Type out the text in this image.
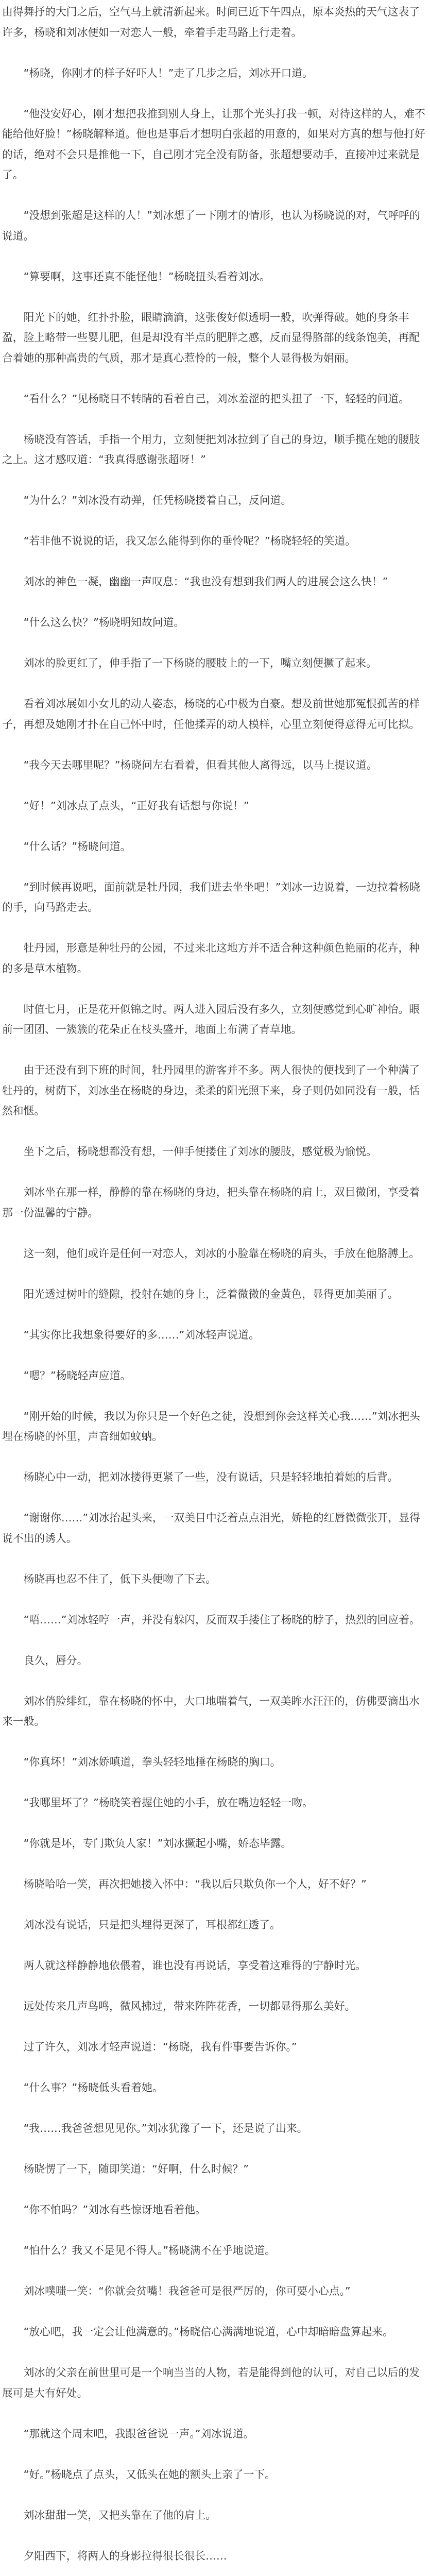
由得舞抒的大门之后，空气马上就清新起来。时间已近下午四点，原本炎热的天气这表了许多，杨晓和刘冰便如一对恋人一般，牵着手走马路上行走着。

“杨晓，你刚才的样子好吓人！”走了几步之后，刘冰开口道。

“他没安好心，刚才想把我推到别人身上，让那个光头打我一顿，对待这样的人，难不能给他好脸！”杨晓解释道。他也是事后才想明白张超的用意的，如果对方真的想与他打好的话，绝对不会只是推他一下，自己刚才完全没有防备，张超想要动手，直接冲过来就是了。

“没想到张超是这样的人！”刘冰想了一下刚才的情形，也认为杨晓说的对，气呼呼的说道。

“算要啊，这事还真不能怪他！”杨晓扭头看着刘冰。

阳光下的她，红扑扑脸，眼睛滴滴，这张俊好似透明一般，吹弹得破。她的身条丰盈，脸上略带一些婴儿肥，但是却没有半点的肥胖之感，反而显得胳部的线条饱美，再配合着她的那种高贵的气质，那才是真心惹怜的一般，整个人显得极为娟丽。

“看什么？”见杨晓目不转睛的看着自己，刘冰羞涩的把头扭了一下，轻轻的问道。

杨晓没有答话，手指一个用力，立刻便把刘冰拉到了自己的身边，顺手揽在她的腰肢之上。这才感叹道：“我真得感谢张超呀！”

“为什么？”刘冰没有动弹，任凭杨晓搂着自己，反问道。

“若非他不说说的话，我又怎么能得到你的垂怜呢？”杨晓轻轻的笑道。

刘冰的神色一凝，幽幽一声叹息：“我也没有想到我们两人的进展会这么快！”

“什么这么快？”杨晓明知故问道。

刘冰的脸更红了，伸手指了一下杨晓的腰肢上的一下，嘴立刻便撅了起来。

看着刘冰展如小女儿的动人姿态，杨晓的心中极为自豪。想及前世她那冤恨孤苦的样子，再想及她刚才扑在自己怀中时，任他揉弄的动人模样，心里立刻便得意得无可比拟。

“我今天去哪里呢？”杨晓问左右看着，但看其他人离得远，以马上提议道。

“好！”刘冰点了点头，“正好我有话想与你说！”

“什么话？”杨晓问道。

“到时候再说吧，面前就是牡丹园，我们进去坐坐吧！”刘冰一边说着，一边拉着杨晓的手，向马路走去。

牡丹园，形意是种牡丹的公园，不过来北这地方并不适合种这种颜色艳丽的花卉，种的多是草木植物。

时值七月，正是花开似锦之时。两人进入园后没有多久，立刻便感觉到心旷神怡。眼前一团团、一簇簇的花朵正在枝头盛开，地面上布满了青草地。

由于还没有到下班的时间，牡丹园里的游客并不多。两人很快的便找到了一个种满了牡丹的，树荫下，刘冰坐在杨晓的身边，柔柔的阳光照下来，身子则仍如同没有一般，恬然和惬。

坐下之后，杨晓想都没有想，一伸手便搂住了刘冰的腰肢，感觉极为愉悦。

刘冰坐在那一样，静静的靠在杨晓的身边，把头靠在杨晓的肩上，双目微闭，享受着那一份温馨的宁静。

这一刻，他们或许是任何一对恋人，刘冰的小脸靠在杨晓的肩头，手放在他胳膊上。

阳光透过树叶的缝隙，投射在她的身上，泛着微微的金黄色，显得更加美丽了。

“其实你比我想象得要好的多……”刘冰轻声说道。

“嗯？”杨晓轻声应道。

“刚开始的时候，我以为你只是一个好色之徒，没想到你会这样关心我……”刘冰把头埋在杨晓的怀里，声音细如蚊蚋。

杨晓心中一动，把刘冰搂得更紧了一些，没有说话，只是轻轻地拍着她的后背。

“谢谢你……”刘冰抬起头来，一双美目中泛着点点泪光，娇艳的红唇微微张开，显得说不出的诱人。

杨晓再也忍不住了，低下头便吻了下去。

“唔……”刘冰轻哼一声，并没有躲闪，反而双手搂住了杨晓的脖子，热烈的回应着。

良久，唇分。

刘冰俏脸绯红，靠在杨晓的怀中，大口地喘着气，一双美眸水汪汪的，仿佛要滴出水来一般。

“你真坏！”刘冰娇嗔道，拳头轻轻地捶在杨晓的胸口。

“我哪里坏了？”杨晓笑着握住她的小手，放在嘴边轻轻一吻。

“你就是坏，专门欺负人家！”刘冰撅起小嘴，娇态毕露。

杨晓哈哈一笑，再次把她搂入怀中：“我以后只欺负你一个人，好不好？”

刘冰没有说话，只是把头埋得更深了，耳根都红透了。

两人就这样静静地依偎着，谁也没有再说话，享受着这难得的宁静时光。

远处传来几声鸟鸣，微风拂过，带来阵阵花香，一切都显得那么美好。

过了许久，刘冰才轻声说道：“杨晓，我有件事要告诉你。”

“什么事？”杨晓低头看着她。

“我……我爸爸想见见你。”刘冰犹豫了一下，还是说了出来。

杨晓愣了一下，随即笑道：“好啊，什么时候？”

“你不怕吗？”刘冰有些惊讶地看着他。

“怕什么？我又不是见不得人。”杨晓满不在乎地说道。

刘冰噗嗤一笑：“你就会贫嘴！我爸爸可是很严厉的，你可要小心点。”

“放心吧，我一定会让他满意的。”杨晓信心满满地说道，心中却暗暗盘算起来。

刘冰的父亲在前世里可是一个响当当的人物，若是能得到他的认可，对自己以后的发展可是大有好处。

“那就这个周末吧，我跟爸爸说一声。”刘冰说道。

“好。”杨晓点了点头，又低头在她的额头上亲了一下。

刘冰甜甜一笑，又把头靠在了他的肩上。

夕阳西下，将两人的身影拉得很长很长……
